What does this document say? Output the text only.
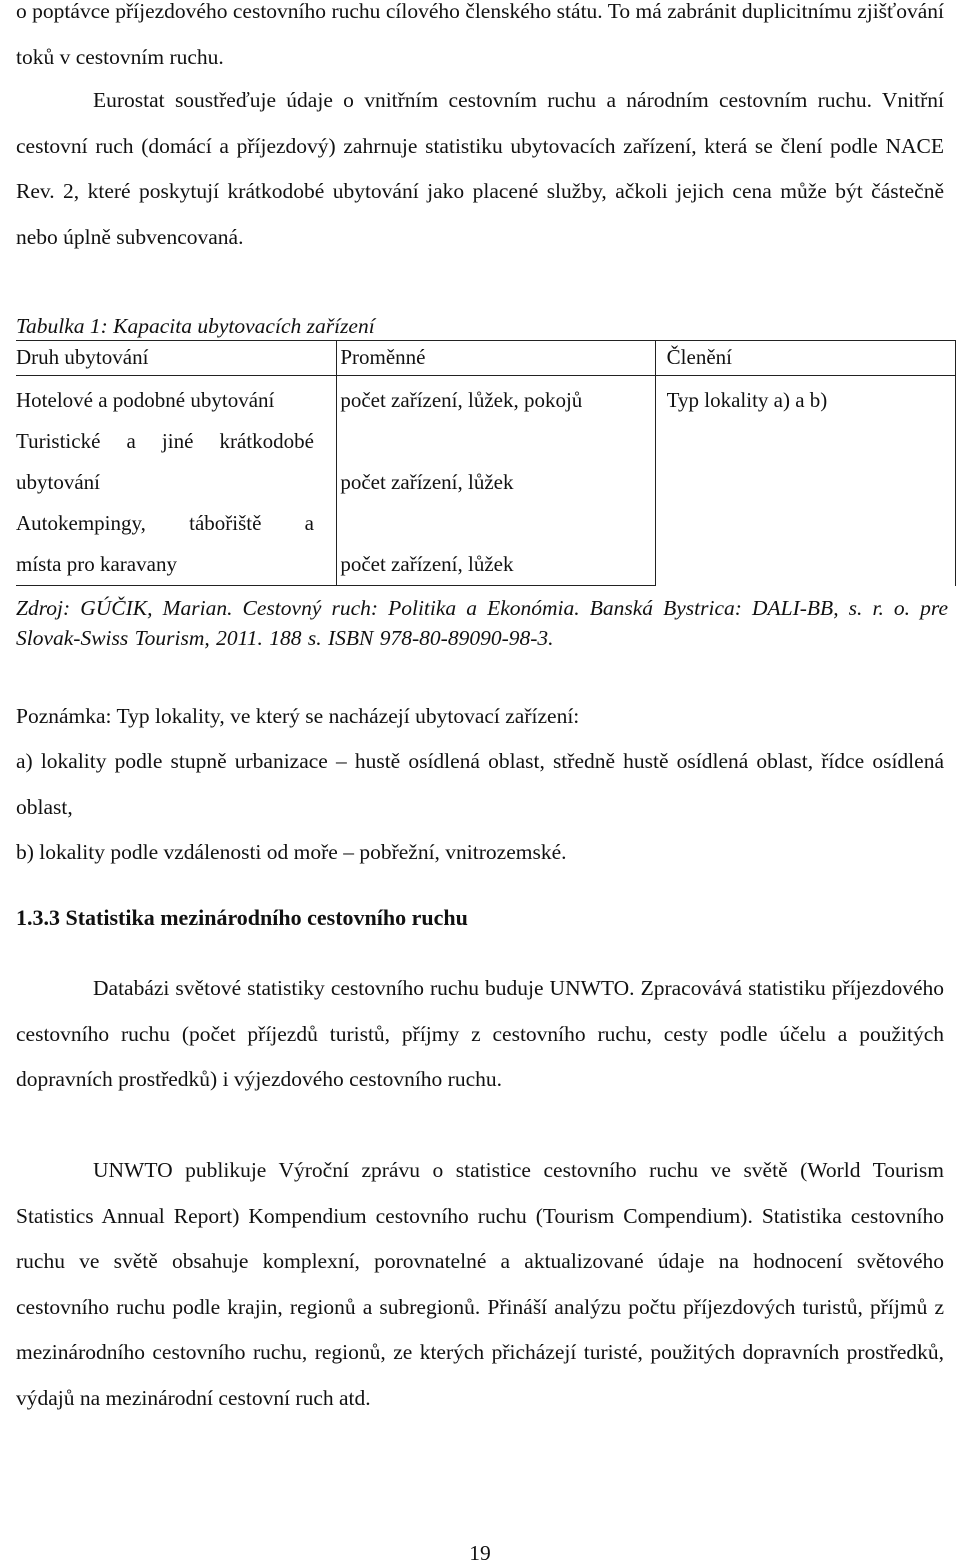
o poptávce příjezdového cestovního ruchu cílového členského státu. To má zabránit duplicitnímu zjišťování toků v cestovním ruchu.

Eurostat soustřeďuje údaje o vnitřním cestovním ruchu a národním cestovním ruchu. Vnitřní cestovní ruch (domácí a příjezdový) zahrnuje statistiku ubytovacích zařízení, která se člení podle NACE Rev. 2, které poskytují krátkodobé ubytování jako placené služby, ačkoli jejich cena může být částečně nebo úplně subvencovaná.

Tabulka 1: Kapacita ubytovacích zařízení
Druh ubytování	Proměnné	Členění
Hotelové a podobné ubytování	počet zařízení, lůžek, pokojů	Typ lokality a) a b)

Turistické a jiné krátkodobé
ubytování	počet zařízení, lůžek	

Autokempingy, tábořiště a
místa pro karavany	počet zařízení, lůžek	

Zdroj: GÚČIK, Marian. Cestovný ruch: Politika a Ekonómia. Banská Bystrica: DALI-BB, s. r. o. pre Slovak-Swiss Tourism, 2011. 188 s. ISBN 978-80-89090-98-3.

Poznámka: Typ lokality, ve který se nacházejí ubytovací zařízení:

a) lokality podle stupně urbanizace – hustě osídlená oblast, středně hustě osídlená oblast, řídce osídlená oblast,

b) lokality podle vzdálenosti od moře – pobřežní, vnitrozemské.

1.3.3 Statistika mezinárodního cestovního ruchu

Databázi světové statistiky cestovního ruchu buduje UNWTO. Zpracovává statistiku příjezdového cestovního ruchu (počet příjezdů turistů, příjmy z cestovního ruchu, cesty podle účelu a použitých dopravních prostředků) i výjezdového cestovního ruchu.

UNWTO publikuje Výroční zprávu o statistice cestovního ruchu ve světě (World Tourism Statistics Annual Report) Kompendium cestovního ruchu (Tourism Compendium). Statistika cestovního ruchu ve světě obsahuje komplexní, porovnatelné a aktualizované údaje na hodnocení světového cestovního ruchu podle krajin, regionů a subregionů. Přináší analýzu počtu příjezdových turistů, příjmů z mezinárodního cestovního ruchu, regionů, ze kterých přicházejí turisté, použitých dopravních prostředků, výdajů na mezinárodní cestovní ruch atd.

19
